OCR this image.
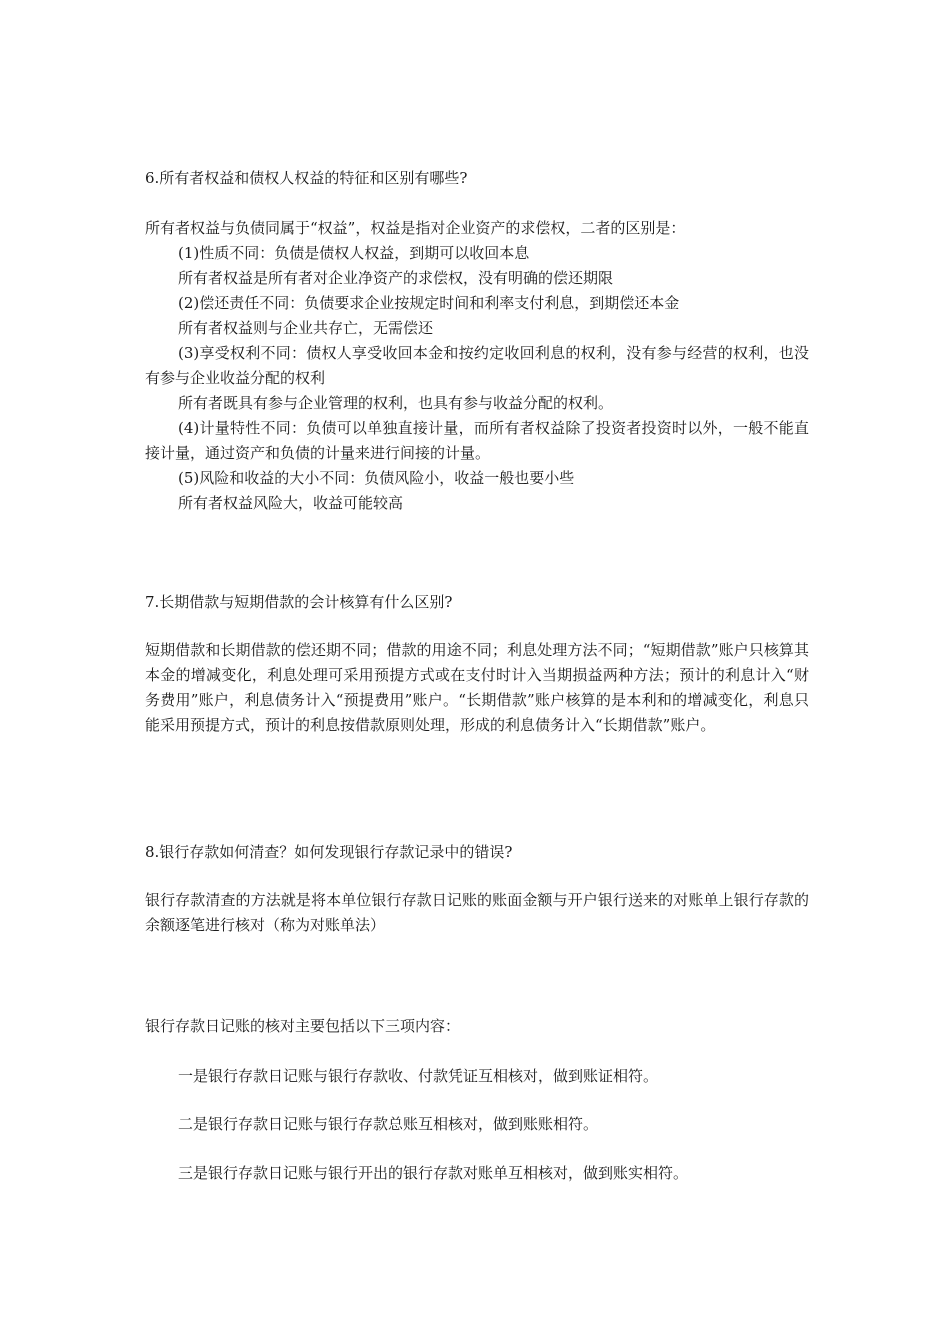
6.所有者权益和债权人权益的特征和区别有哪些?
所有者权益与负债同属于“权益”，权益是指对企业资产的求偿权，二者的区别是：
(1)性质不同：负债是债权人权益，到期可以收回本息
所有者权益是所有者对企业净资产的求偿权，没有明确的偿还期限
(2)偿还责任不同：负债要求企业按规定时间和利率支付利息，到期偿还本金
所有者权益则与企业共存亡，无需偿还
(3)享受权利不同：债权人享受收回本金和按约定收回利息的权利，没有参与经营的权利，也没有参与企业收益分配的权利
所有者既具有参与企业管理的权利，也具有参与收益分配的权利。
(4)计量特性不同：负债可以单独直接计量，而所有者权益除了投资者投资时以外，一般不能直接计量，通过资产和负债的计量来进行间接的计量。
(5)风险和收益的大小不同：负债风险小，收益一般也要小些
所有者权益风险大，收益可能较高
7.长期借款与短期借款的会计核算有什么区别?
短期借款和长期借款的偿还期不同；借款的用途不同；利息处理方法不同；“短期借款”账户只核算其本金的增减变化，利息处理可采用预提方式或在支付时计入当期损益两种方法；预计的利息计入“财务费用”账户，利息债务计入“预提费用”账户。“长期借款”账户核算的是本利和的增减变化，利息只能采用预提方式，预计的利息按借款原则处理，形成的利息债务计入“长期借款”账户。
8.银行存款如何清查？如何发现银行存款记录中的错误?
银行存款清查的方法就是将本单位银行存款日记账的账面金额与开户银行送来的对账单上银行存款的余额逐笔进行核对（称为对账单法）
银行存款日记账的核对主要包括以下三项内容：
一是银行存款日记账与银行存款收、付款凭证互相核对，做到账证相符。
二是银行存款日记账与银行存款总账互相核对，做到账账相符。
三是银行存款日记账与银行开出的银行存款对账单互相核对，做到账实相符。
